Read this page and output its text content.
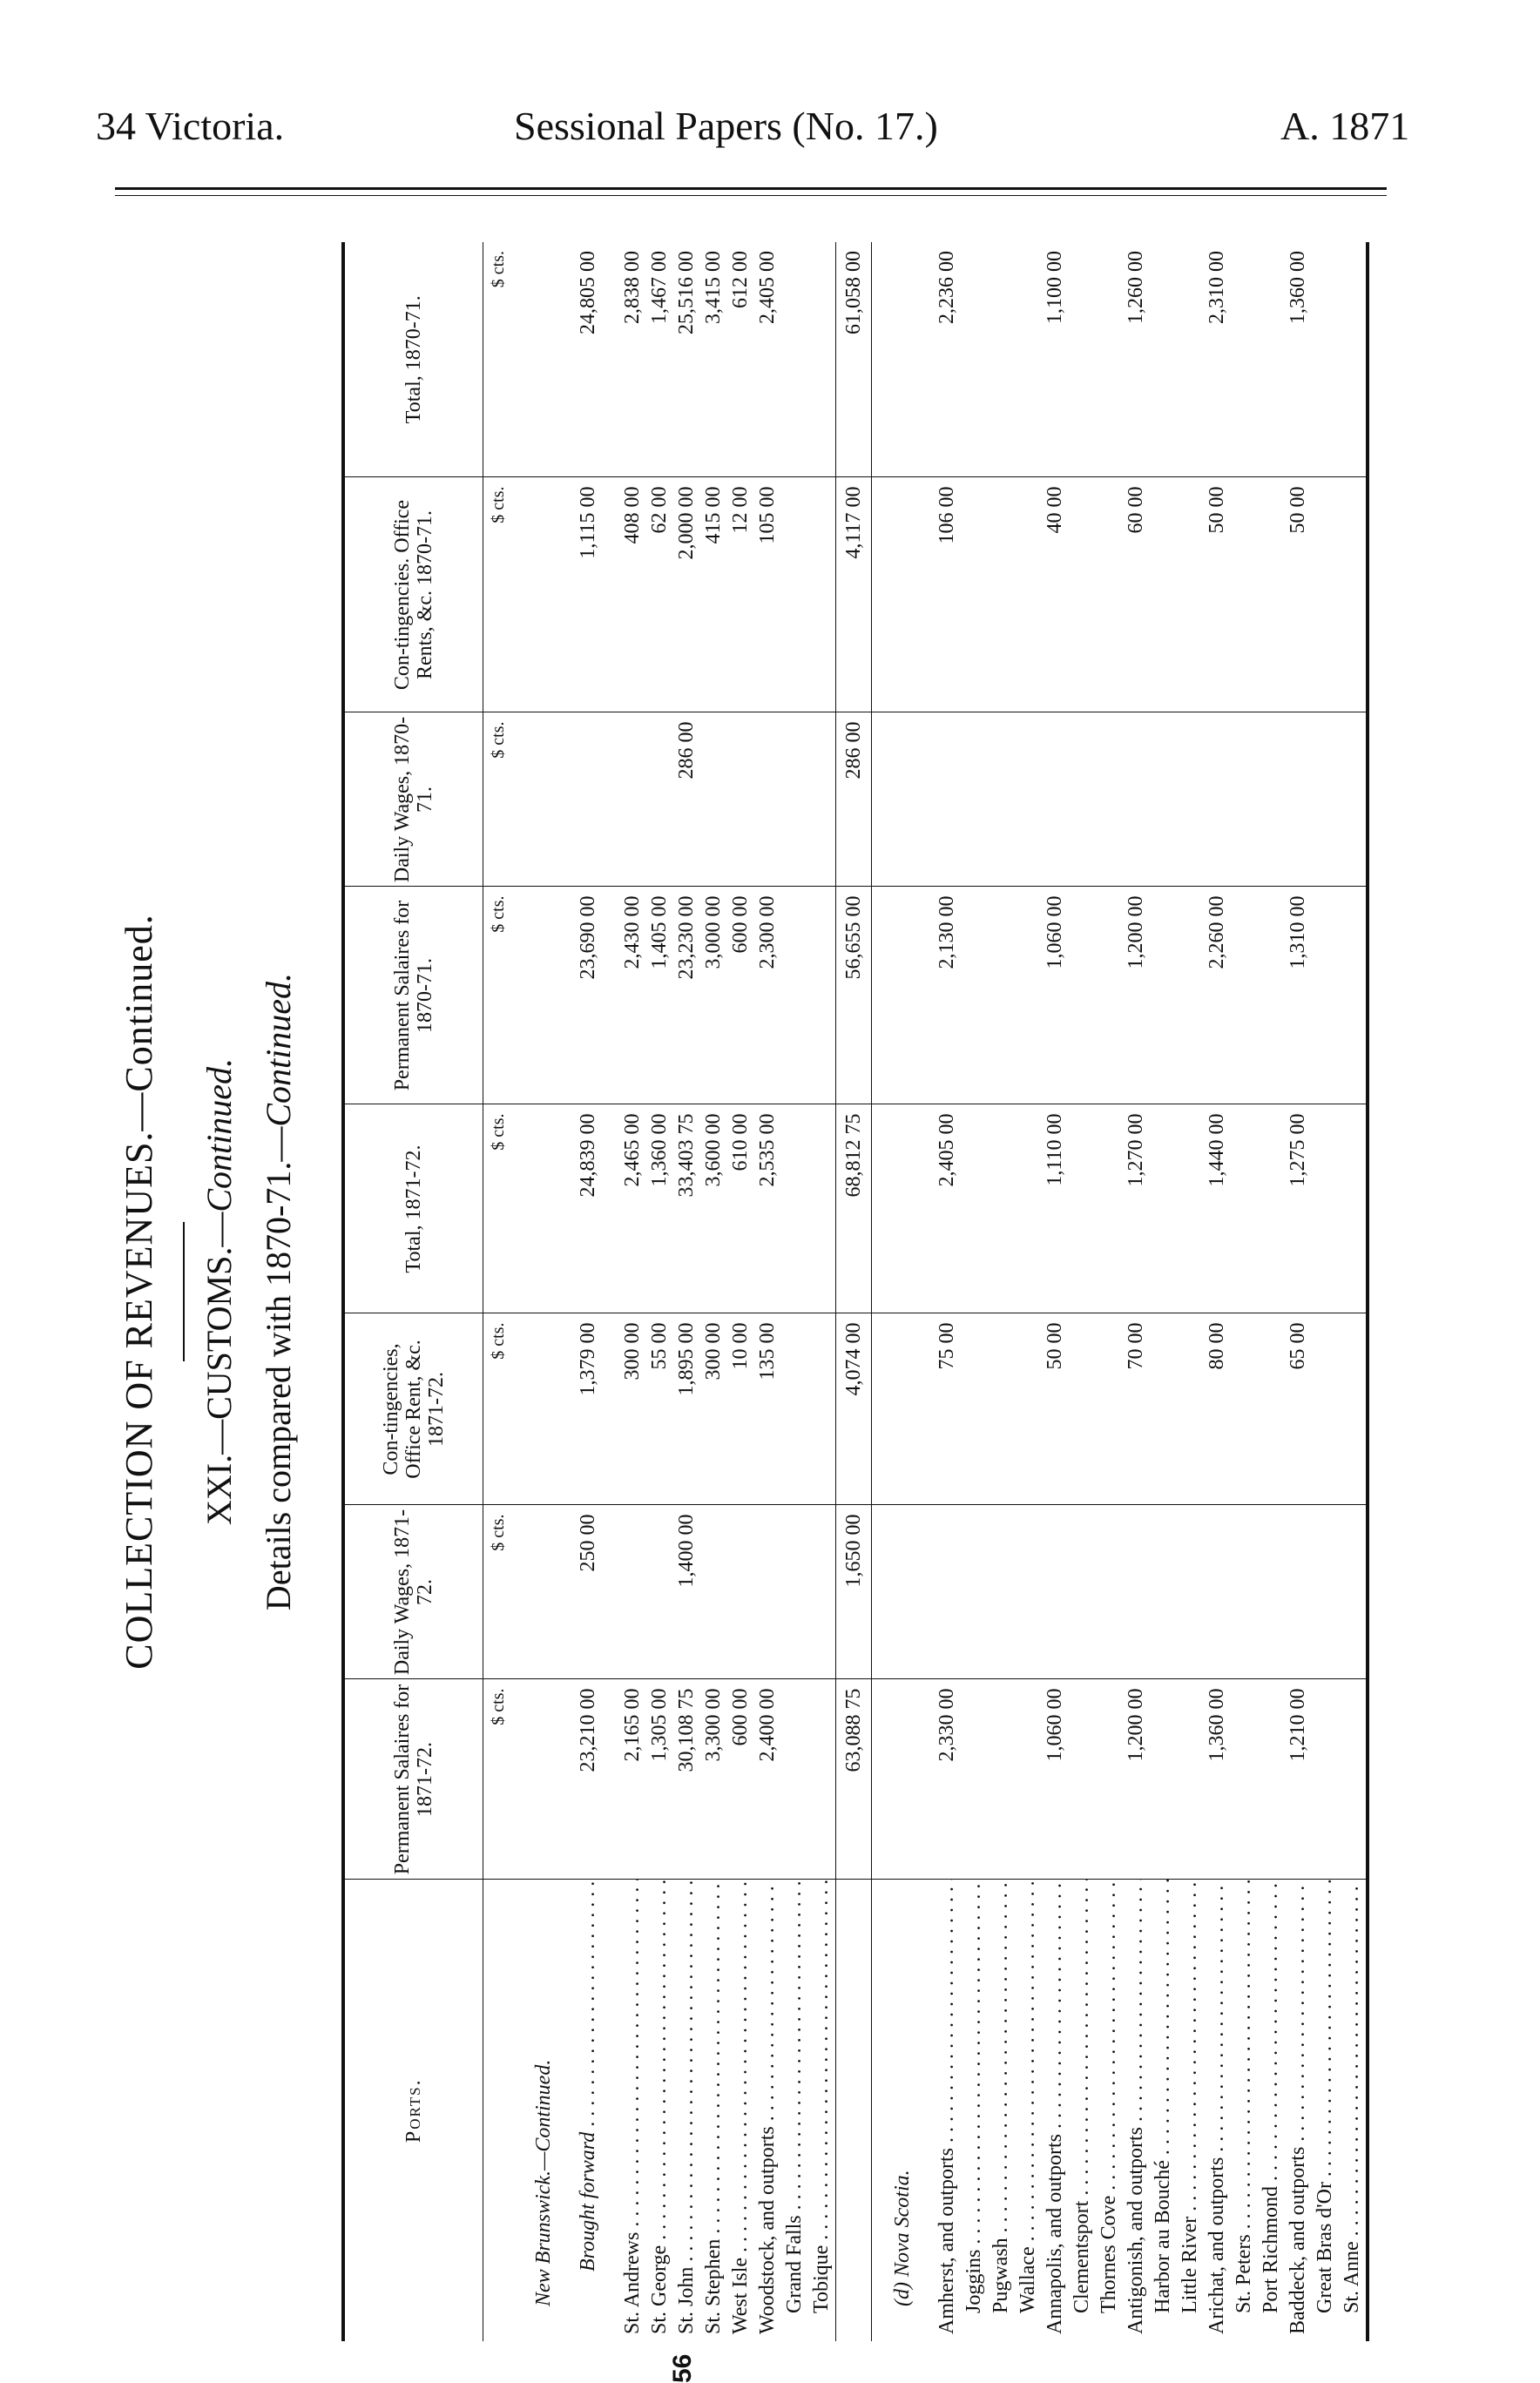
34 Victoria.	Sessional Papers (No. 17.)	A. 1871
COLLECTION OF REVENUES.—Continued. XXI.—CUSTOMS.—Continued. Details compared with 1870-71.—Continued.
Ports.	Permanent Salaires for 1871-72.	Daily Wages, 1871-72.	Con-tingencies, Office Rent, &c. 1871-72.	Total, 1871-72.	Permanent Salaires for 1870-71.	Daily Wages, 1870-71.	Con-tingencies. Office Rents, &c. 1870-71.	Total, 1870-71.
	$ cts.	$ cts.	$ cts.	$ cts.	$ cts.	$ cts.	$ cts.	$ cts.

New Brunswick.—Continued.								

Brought forward . . .	23,210 00	250 00	1,379 00	24,839 00	23,690 00		1,115 00	24,805 00

St. Andrews . . .	2,165 00		300 00	2,465 00	2,430 00		408 00	2,838 00
St. George . . .	1,305 00		55 00	1,360 00	1,405 00		62 00	1,467 00
St. John . . .	30,108 75	1,400 00	1,895 00	33,403 75	23,230 00	286 00	2,000 00	25,516 00
St. Stephen . . .	3,300 00		300 00	3,600 00	3,000 00		415 00	3,415 00
West Isle . . .	600 00		10 00	610 00	600 00		12 00	612 00
Woodstock, and outports . . .	2,400 00		135 00	2,535 00	2,300 00		105 00	2,405 00
Grand Falls . . .								
Tobique . . .								
	63,088 75	1,650 00	4,074 00	68,812 75	56,655 00	286 00	4,117 00	61,058 00

(d) Nova Scotia.								

Amherst, and outports . . .	2,330 00		75 00	2,405 00	2,130 00		106 00	2,236 00
Joggins . . .								
Pugwash . . .								
Wallace . . .								
Annapolis, and outports . . .	1,060 00		50 00	1,110 00	1,060 00		40 00	1,100 00
Clementsport . . .								
Thornes Cove . . .								
Antigonish, and outports . . .	1,200 00		70 00	1,270 00	1,200 00		60 00	1,260 00
Harbor au Bouché . . .								
Little River . . .								
Arichat, and outports . . .	1,360 00		80 00	1,440 00	2,260 00		50 00	2,310 00
St. Peters . . .								
Port Richmond . . .								
Baddeck, and outports . . .	1,210 00		65 00	1,275 00	1,310 00		50 00	1,360 00
Great Bras d'Or . . .								
St. Anne . . .								
56
